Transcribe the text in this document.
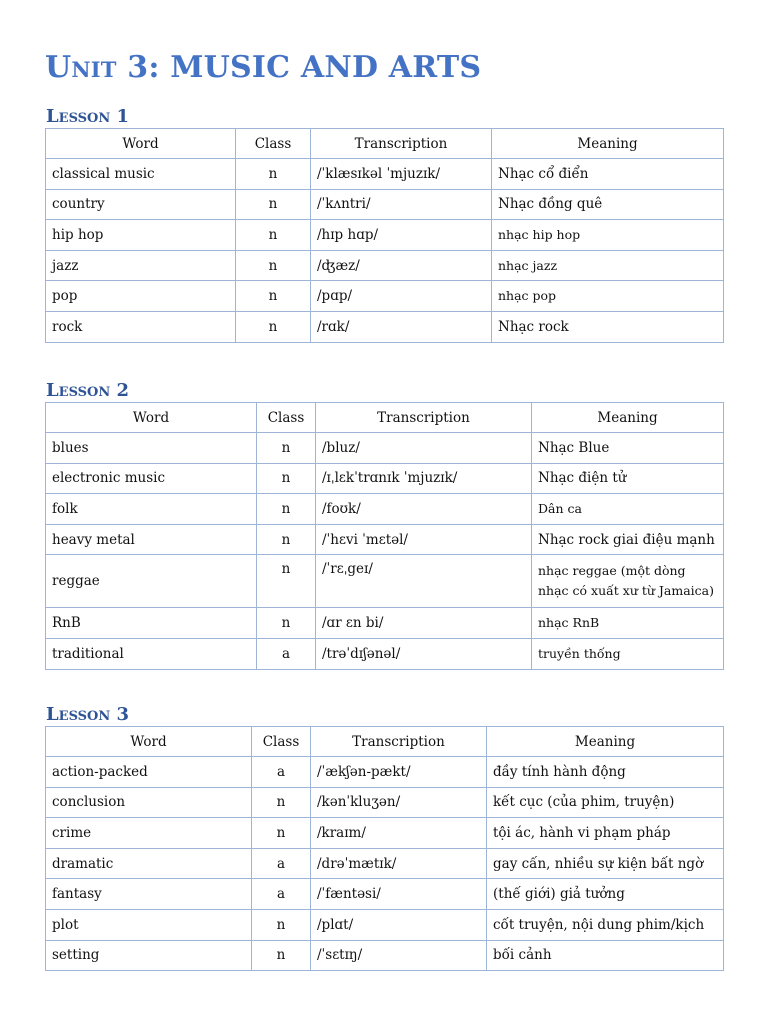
Unit 3: MUSIC AND ARTS
Lesson 1
Word	Class	Transcription	Meaning
classical music	n	/ˈklæsɪkəl ˈmjuzɪk/	Nhạc cổ điển
country	n	/ˈkʌntri/	Nhạc đồng quê
hip hop	n	/hɪp hɑp/	nhạc hip hop
jazz	n	/ʤæz/	nhạc jazz
pop	n	/pɑp/	nhạc pop
rock	n	/rɑk/	Nhạc rock
Lesson 2
Word	Class	Transcription	Meaning
blues	n	/bluz/	Nhạc Blue
electronic music	n	/ɪˌlɛkˈtrɑnɪk ˈmjuzɪk/	Nhạc điện tử
folk	n	/foʊk/	Dân ca
heavy metal	n	/ˈhɛvi ˈmɛtəl/	Nhạc rock giai điệu mạnh
reggae	n	/ˈrɛˌgeɪ/	nhạc reggae (một dòng nhạc có xuất xư từ Jamaica)
RnB	n	/ɑr ɛn bi/	nhạc RnB
traditional	a	/trəˈdɪʃənəl/	truyền thống
Lesson 3
Word	Class	Transcription	Meaning
action-packed	a	/ˈækʃən-pækt/	đầy tính hành động
conclusion	n	/kənˈkluʒən/	kết cục (của phim, truyện)
crime	n	/kraɪm/	tội ác, hành vi phạm pháp
dramatic	a	/drəˈmætɪk/	gay cấn, nhiều sự kiện bất ngờ
fantasy	a	/ˈfæntəsi/	(thế giới) giả tưởng
plot	n	/plɑt/	cốt truyện, nội dung phim/kịch
setting	n	/ˈsɛtɪŋ/	bối cảnh
